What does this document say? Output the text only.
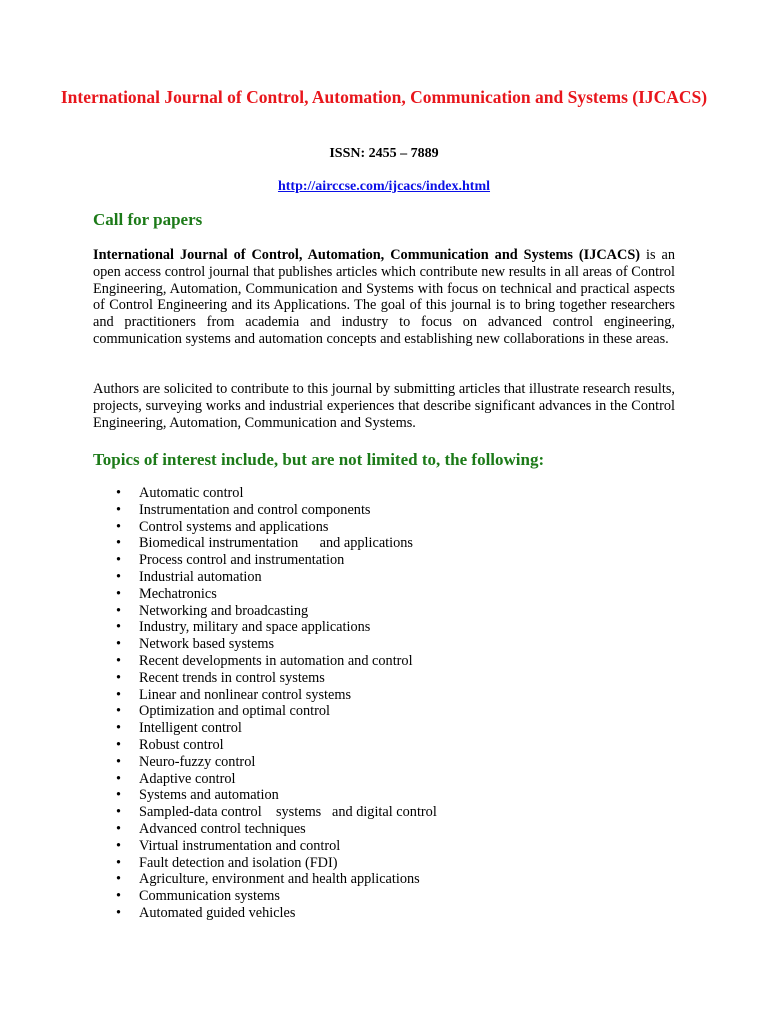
International Journal of Control, Automation, Communication and Systems (IJCACS)
ISSN: 2455 – 7889
http://airccse.com/ijcacs/index.html
Call for papers
International Journal of Control, Automation, Communication and Systems (IJCACS) is an open access control journal that publishes articles which contribute new results in all areas of Control Engineering, Automation, Communication and Systems with focus on technical and practical aspects of Control Engineering and its Applications. The goal of this journal is to bring together researchers and practitioners from academia and industry to focus on advanced control engineering, communication systems and automation concepts and establishing new collaborations in these areas.
Authors are solicited to contribute to this journal by submitting articles that illustrate research results, projects, surveying works and industrial experiences that describe significant advances in the Control Engineering, Automation, Communication and Systems.
Topics of interest include, but are not limited to, the following:
•	Automatic control
•	Instrumentation and control components
•	Control systems and applications
•	Biomedical instrumentation      and applications
•	Process control and instrumentation
•	Industrial automation
•	Mechatronics
•	Networking and broadcasting
•	Industry, military and space applications
•	Network based systems
•	Recent developments in automation and control
•	Recent trends in control systems
•	Linear and nonlinear control systems
•	Optimization and optimal control
•	Intelligent control
•	Robust control
•	Neuro-fuzzy control
•	Adaptive control
•	Systems and automation
•	Sampled-data control    systems   and digital control
•	Advanced control techniques
•	Virtual instrumentation and control
•	Fault detection and isolation (FDI)
•	Agriculture, environment and health applications
•	Communication systems
•	Automated guided vehicles
